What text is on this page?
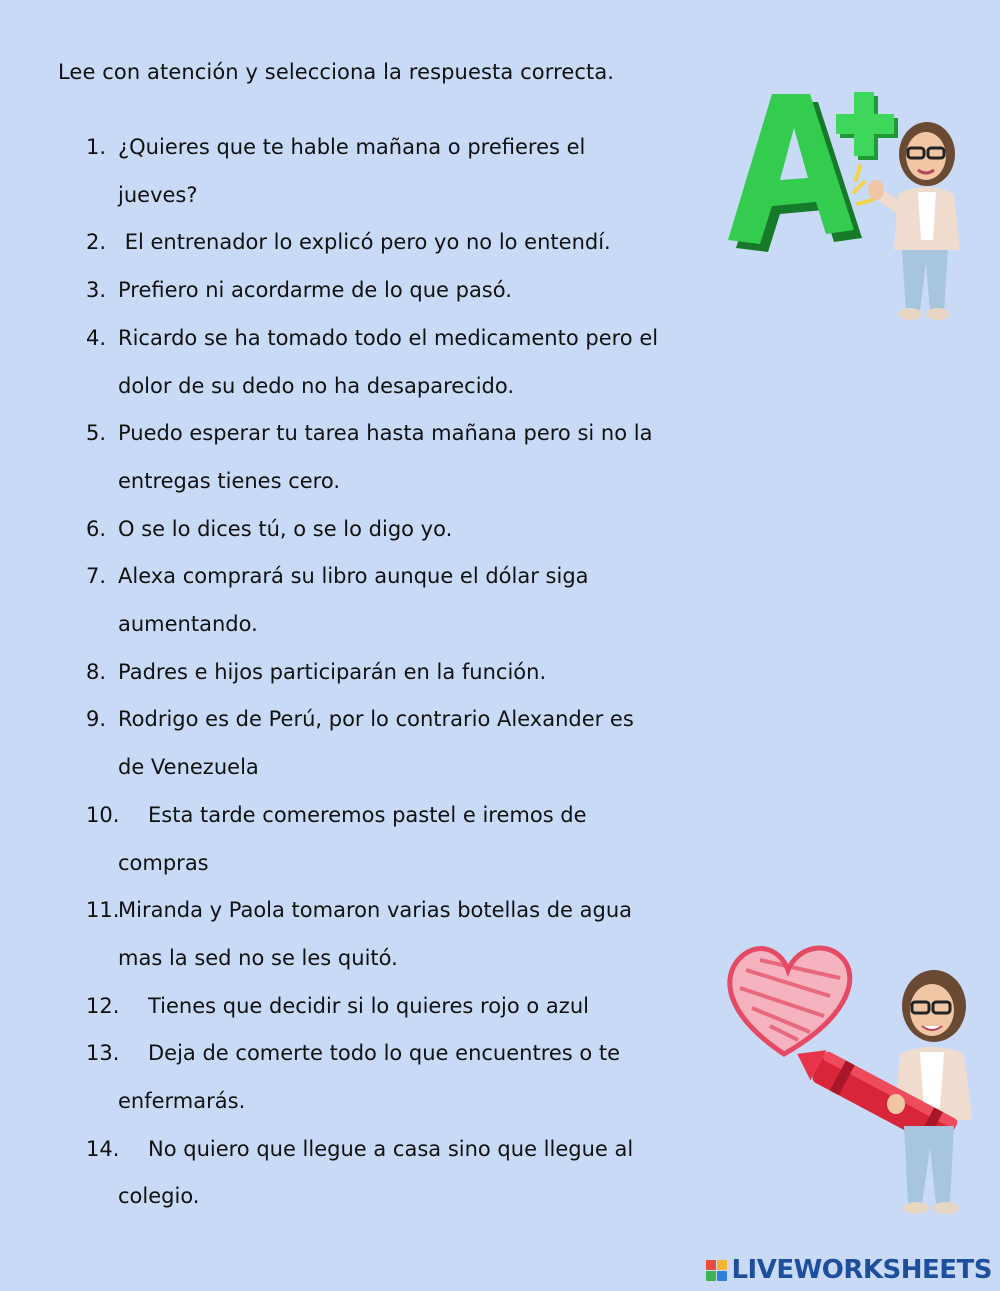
Lee con atención y selecciona la respuesta correcta.
1. ¿Quieres que te hable mañana o prefieres el jueves?
2. El entrenador lo explicó pero yo no lo entendí.
3. Prefiero ni acordarme de lo que pasó.
4. Ricardo se ha tomado todo el medicamento pero el dolor de su dedo no ha desaparecido.
5. Puedo esperar tu tarea hasta mañana pero si no la entregas tienes cero.
6. O se lo dices tú, o se lo digo yo.
7. Alexa comprará su libro aunque el dólar siga aumentando.
8. Padres e hijos participarán en la función.
9. Rodrigo es de Perú, por lo contrario Alexander es de Venezuela
10. Esta tarde comeremos pastel e iremos de compras
11.
Miranda y Paola tomaron varias botellas de agua mas la sed no se les quitó.
12. Tienes que decidir si lo quieres rojo o azul
13. Deja de comerte todo lo que encuentres o te enfermarás.
14. No quiero que llegue a casa sino que llegue al colegio.
LIVEWORKSHEETS
